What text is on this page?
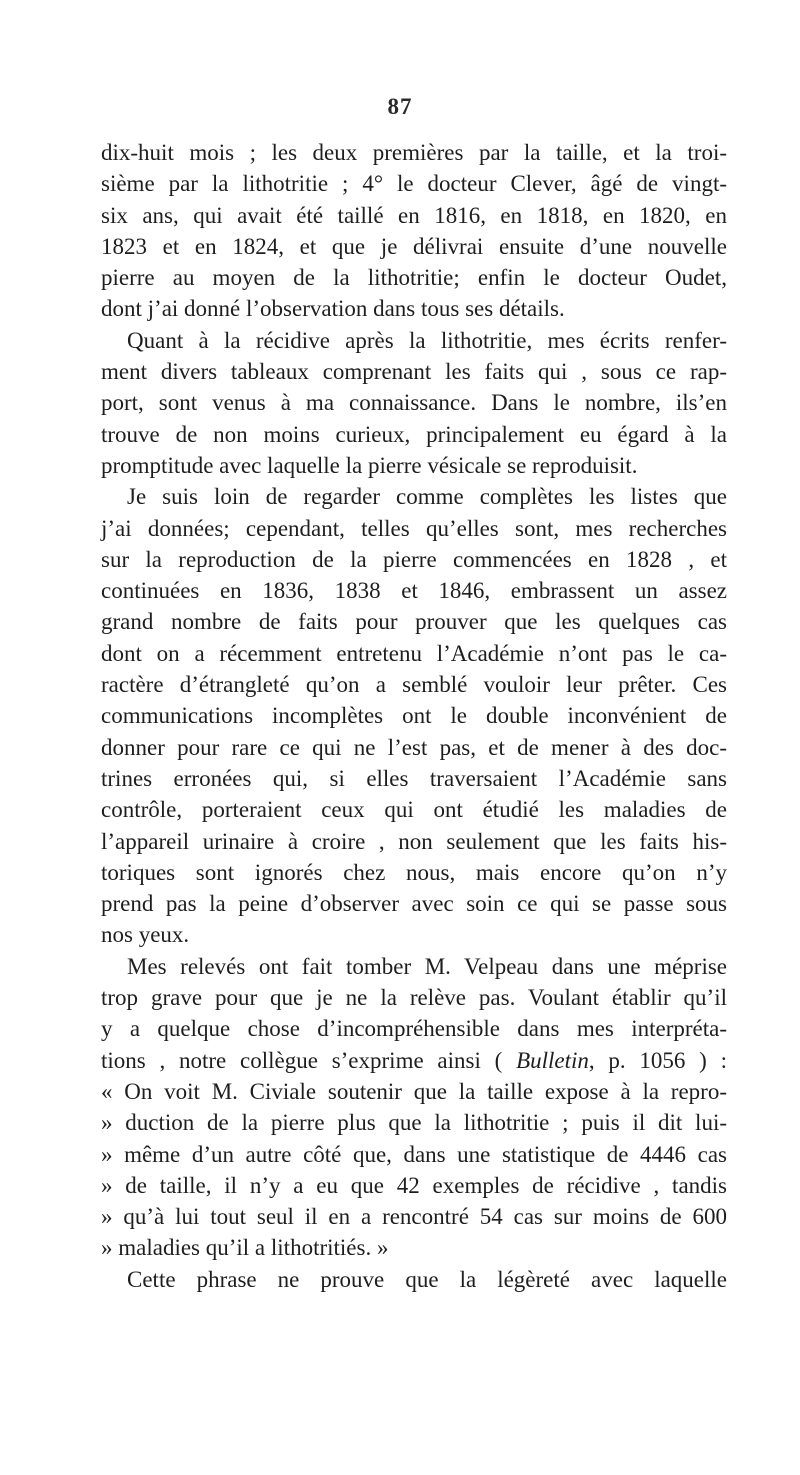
87
dix-huit mois ; les deux premières par la taille, et la troi-
sième par la lithotritie ; 4° le docteur Clever, âgé de vingt-
six ans, qui avait été taillé en 1816, en 1818, en 1820, en
1823 et en 1824, et que je délivrai ensuite d’une nouvelle
pierre au moyen de la lithotritie; enfin le docteur Oudet,
dont j’ai donné l’observation dans tous ses détails.
Quant à la récidive après la lithotritie, mes écrits renfer-
ment divers tableaux comprenant les faits qui , sous ce rap-
port, sont venus à ma connaissance. Dans le nombre, ils’en
trouve de non moins curieux, principalement eu égard à la
promptitude avec laquelle la pierre vésicale se reproduisit.
Je suis loin de regarder comme complètes les listes que
j’ai données; cependant, telles qu’elles sont, mes recherches
sur la reproduction de la pierre commencées en 1828 , et
continuées en 1836, 1838 et 1846, embrassent un assez
grand nombre de faits pour prouver que les quelques cas
dont on a récemment entretenu l’Académie n’ont pas le ca-
ractère d’étrangleté qu’on a semblé vouloir leur prêter. Ces
communications incomplètes ont le double inconvénient de
donner pour rare ce qui ne l’est pas, et de mener à des doc-
trines erronées qui, si elles traversaient l’Académie sans
contrôle, porteraient ceux qui ont étudié les maladies de
l’appareil urinaire à croire , non seulement que les faits his-
toriques sont ignorés chez nous, mais encore qu’on n’y
prend pas la peine d’observer avec soin ce qui se passe sous
nos yeux.
Mes relevés ont fait tomber M. Velpeau dans une méprise
trop grave pour que je ne la relève pas. Voulant établir qu’il
y a quelque chose d’incompréhensible dans mes interpréta-
tions , notre collègue s’exprime ainsi ( Bulletin, p. 1056 ) :
« On voit M. Civiale soutenir que la taille expose à la repro-
» duction de la pierre plus que la lithotritie ; puis il dit lui-
» même d’un autre côté que, dans une statistique de 4446 cas
» de taille, il n’y a eu que 42 exemples de récidive , tandis
» qu’à lui tout seul il en a rencontré 54 cas sur moins de 600
» maladies qu’il a lithotritiés. »
Cette phrase ne prouve que la légèreté avec laquelle
